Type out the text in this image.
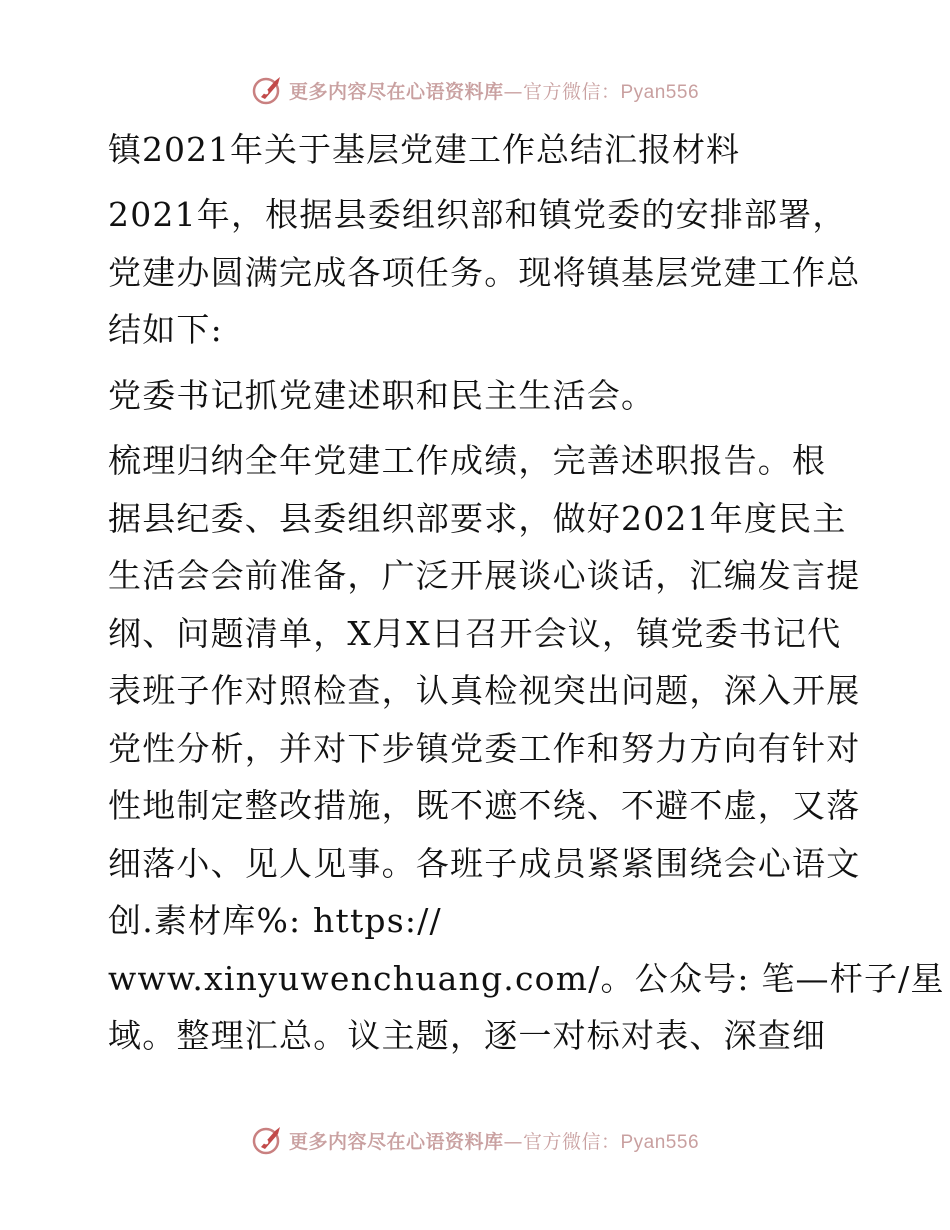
更多内容尽在心语资料库—官方微信：Pyan556
镇2021年关于基层党建工作总结汇报材料
2021年，根据县委组织部和镇党委的安排部署，
党建办圆满完成各项任务。现将镇基层党建工作总
结如下:
党委书记抓党建述职和民主生活会。
梳理归纳全年党建工作成绩，完善述职报告。根
据县纪委、县委组织部要求，做好2021年度民主
生活会会前准备，广泛开展谈心谈话，汇编发言提
纲、问题清单，X月X日召开会议，镇党委书记代
表班子作对照检查，认真检视突出问题，深入开展
党性分析，并对下步镇党委工作和努力方向有针对
性地制定整改措施，既不遮不绕、不避不虚，又落
细落小、见人见事。各班子成员紧紧围绕会心语文
创.素材库%: https://
www.xinyuwenchuang.com/。公众号: 笔—杆子/星
域。整理汇总。议主题，逐一对标对表、深查细
更多内容尽在心语资料库—官方微信：Pyan556
